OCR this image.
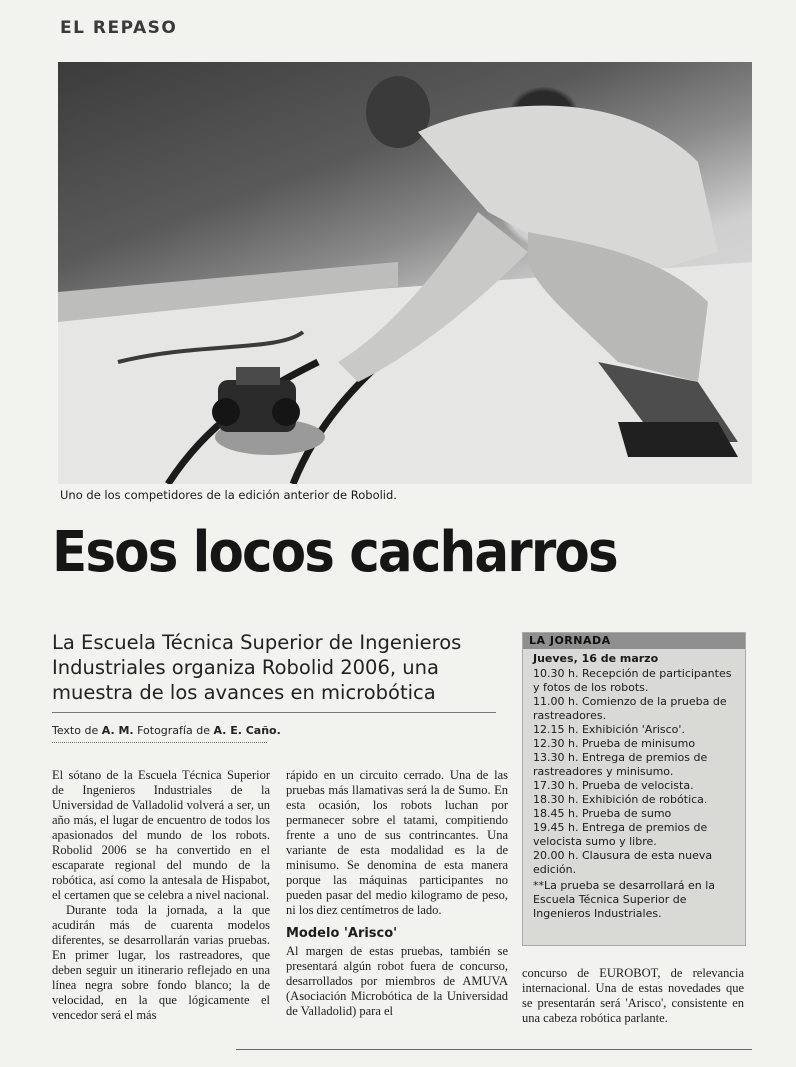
EL REPASO
Uno de los competidores de la edición anterior de Robolid.
Esos locos cacharros
La Escuela Técnica Superior de Ingenieros Industriales organiza Robolid 2006, una muestra de los avances en microbótica
Texto de A. M. Fotografía de A. E. Caño.

El sótano de la Escuela Técnica Superior de Ingenieros Industriales de la Universidad de Valladolid volverá a ser, un año más, el lugar de encuentro de todos los apasionados del mundo de los robots. Robolid 2006 se ha convertido en el escaparate regional del mundo de la robótica, así como la antesala de Hispabot, el certamen que se celebra a nivel nacional.

Durante toda la jornada, a la que acudirán más de cuarenta modelos diferentes, se desarrollarán varias pruebas. En primer lugar, los rastreadores, que deben seguir un itinerario reflejado en una línea negra sobre fondo blanco; la de velocidad, en la que lógicamente el vencedor será el más

rápido en un circuito cerrado. Una de las pruebas más llamativas será la de Sumo. En esta ocasión, los robots luchan por permanecer sobre el tatami, compitiendo frente a uno de sus contrincantes. Una variante de esta modalidad es la de minisumo. Se denomina de esta manera porque las máquinas participantes no pueden pasar del medio kilogramo de peso, ni los diez centímetros de lado.

Modelo 'Arisco'

Al margen de estas pruebas, también se presentará algún robot fuera de concurso, desarrollados por miembros de AMUVA (Asociación Microbótica de la Universidad de Valladolid) para el

LA JORNADA
Jueves, 16 de marzo

10.30 h. Recepción de participantes y fotos de los robots.

11.00 h. Comienzo de la prueba de rastreadores.

12.15 h. Exhibición 'Arisco'.

12.30 h. Prueba de minisumo

13.30 h. Entrega de premios de rastreadores y minisumo.

17.30 h. Prueba de velocista.

18.30 h. Exhibición de robótica.

18.45 h. Prueba de sumo

19.45 h. Entrega de premios de velocista sumo y libre.

20.00 h. Clausura de esta nueva edición.

**La prueba se desarrollará en la Escuela Técnica Superior de Ingenieros Industriales.

concurso de EUROBOT, de relevancia internacional. Una de estas novedades que se presentarán será 'Arisco', consistente en una cabeza robótica parlante.
